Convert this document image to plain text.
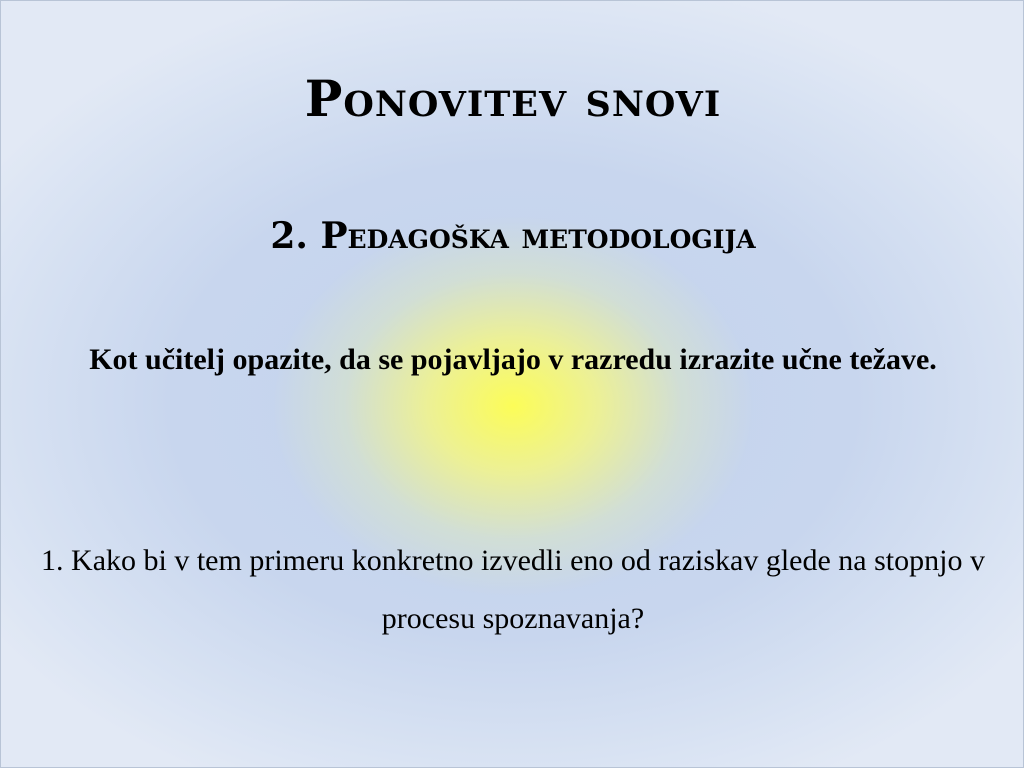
Ponovitev snovi
2. Pedagoška metodologija

Kot učitelj opazite, da se pojavljajo v razredu izrazite učne težave.

1. Kako bi v tem primeru konkretno izvedli eno od raziskav glede na stopnjo v procesu spoznavanja?
